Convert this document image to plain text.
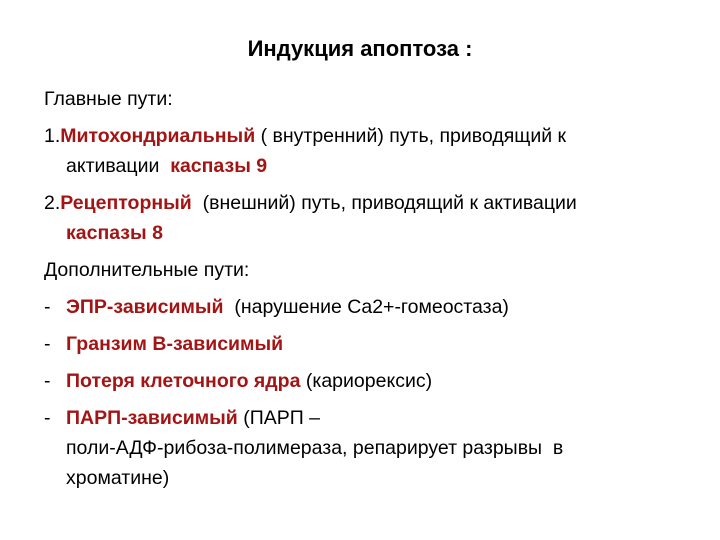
Индукция апоптоза :
Главные пути:
1.Митохондриальный ( внутренний) путь, приводящий к
активации  каспазы 9
2.Рецепторный  (внешний) путь, приводящий к активации
каспазы 8
Дополнительные пути:
- ЭПР-зависимый  (нарушение Ca2+-гомеостаза)
- Гранзим В-зависимый
- Потеря клеточного ядра (кариорексис)
- ПАРП-зависимый (ПАРП –
поли-АДФ-рибоза-полимераза, репарирует разрывы  в
хроматине)
